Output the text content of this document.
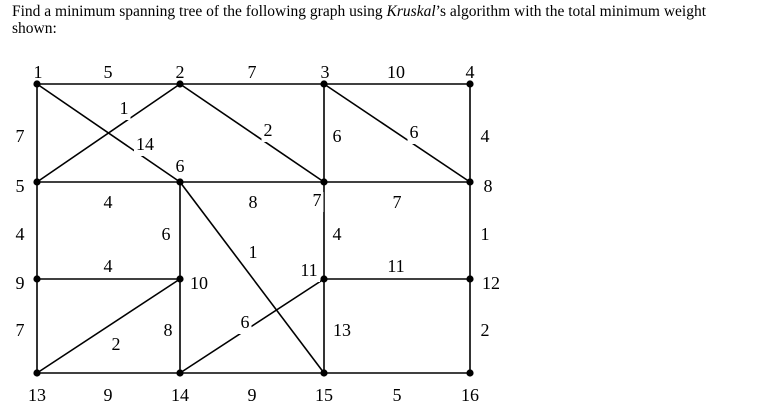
Find a minimum spanning tree of the following graph using Kruskal’s algorithm with the total minimum weight shown:

5	7	10
7	4
14
1
2	6	6
4	8	7
4	6
1
4	1
4	11
6
7
2
8	13	2
9	9	5
1	2	3	4
5
6
7
8
9	10
11
12
13	14	15	16
